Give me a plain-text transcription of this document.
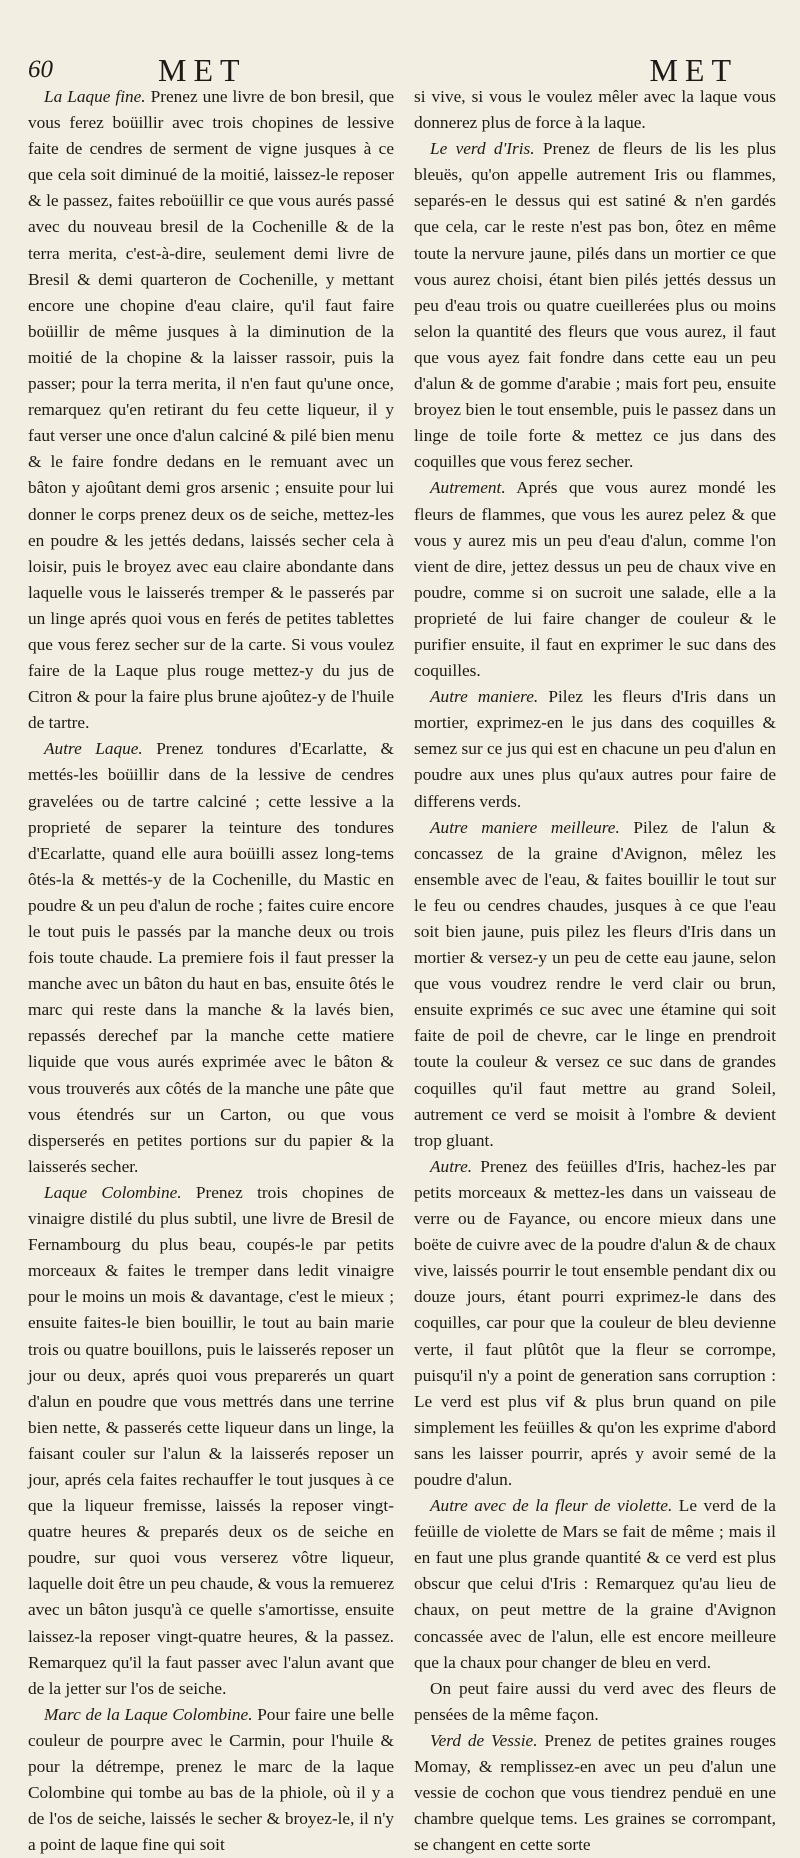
60	MET	MET

La Laque fine. Prenez une livre de bon bresil, que vous ferez boüillir avec trois chopines de lessive faite de cendres de serment de vigne jusques à ce que cela soit diminué de la moitié, laissez-le reposer & le passez, faites reboüillir ce que vous aurés passé avec du nouveau bresil de la Cochenille & de la terra merita, c'est-à-dire, seulement demi livre de Bresil & demi quarteron de Cochenille, y mettant encore une chopine d'eau claire, qu'il faut faire boüillir de même jusques à la diminution de la moitié de la chopine & la laisser rassoir, puis la passer; pour la terra merita, il n'en faut qu'une once, remarquez qu'en retirant du feu cette liqueur, il y faut verser une once d'alun calciné & pilé bien menu & le faire fondre dedans en le remuant avec un bâton y ajoûtant demi gros arsenic ; ensuite pour lui donner le corps prenez deux os de seiche, mettez-les en poudre & les jettés dedans, laissés secher cela à loisir, puis le broyez avec eau claire abondante dans laquelle vous le laisserés tremper & le passerés par un linge aprés quoi vous en ferés de petites tablettes que vous ferez secher sur de la carte. Si vous voulez faire de la Laque plus rouge mettez-y du jus de Citron & pour la faire plus brune ajoûtez-y de l'huile de tartre.

Autre Laque. Prenez tondures d'Ecarlatte, & mettés-les boüillir dans de la lessive de cendres gravelées ou de tartre calciné ; cette lessive a la proprieté de separer la teinture des tondures d'Ecarlatte, quand elle aura boüilli assez long-tems ôtés-la & mettés-y de la Cochenille, du Mastic en poudre & un peu d'alun de roche ; faites cuire encore le tout puis le passés par la manche deux ou trois fois toute chaude. La premiere fois il faut presser la manche avec un bâton du haut en bas, ensuite ôtés le marc qui reste dans la manche & la lavés bien, repassés derechef par la manche cette matiere liquide que vous aurés exprimée avec le bâton & vous trouverés aux côtés de la manche une pâte que vous étendrés sur un Carton, ou que vous disperserés en petites portions sur du papier & la laisserés secher.

Laque Colombine. Prenez trois chopines de vinaigre distilé du plus subtil, une livre de Bresil de Fernambourg du plus beau, coupés-le par petits morceaux & faites le tremper dans ledit vinaigre pour le moins un mois & davantage, c'est le mieux ; ensuite faites-le bien bouillir, le tout au bain marie trois ou quatre bouillons, puis le laisserés reposer un jour ou deux, aprés quoi vous preparerés un quart d'alun en poudre que vous mettrés dans une terrine bien nette, & passerés cette liqueur dans un linge, la faisant couler sur l'alun & la laisserés reposer un jour, aprés cela faites rechauffer le tout jusques à ce que la liqueur fremisse, laissés la reposer vingt-quatre heures & preparés deux os de seiche en poudre, sur quoi vous verserez vôtre liqueur, laquelle doit être un peu chaude, & vous la remuerez avec un bâton jusqu'à ce quelle s'amortisse, ensuite laissez-la reposer vingt-quatre heures, & la passez. Remarquez qu'il la faut passer avec l'alun avant que de la jetter sur l'os de seiche.

Marc de la Laque Colombine. Pour faire une belle couleur de pourpre avec le Carmin, pour l'huile & pour la détrempe, prenez le marc de la laque Colombine qui tombe au bas de la phiole, où il y a de l'os de seiche, laissés le secher & broyez-le, il n'y a point de laque fine qui soit

si vive, si vous le voulez mêler avec la laque vous donnerez plus de force à la laque.

Le verd d'Iris. Prenez de fleurs de lis les plus bleuës, qu'on appelle autrement Iris ou flammes, separés-en le dessus qui est satiné & n'en gardés que cela, car le reste n'est pas bon, ôtez en même toute la nervure jaune, pilés dans un mortier ce que vous aurez choisi, étant bien pilés jettés dessus un peu d'eau trois ou quatre cueillerées plus ou moins selon la quantité des fleurs que vous aurez, il faut que vous ayez fait fondre dans cette eau un peu d'alun & de gomme d'arabie ; mais fort peu, ensuite broyez bien le tout ensemble, puis le passez dans un linge de toile forte & mettez ce jus dans des coquilles que vous ferez secher.

Autrement. Aprés que vous aurez mondé les fleurs de flammes, que vous les aurez pelez & que vous y aurez mis un peu d'eau d'alun, comme l'on vient de dire, jettez dessus un peu de chaux vive en poudre, comme si on sucroit une salade, elle a la proprieté de lui faire changer de couleur & le purifier ensuite, il faut en exprimer le suc dans des coquilles.

Autre maniere. Pilez les fleurs d'Iris dans un mortier, exprimez-en le jus dans des coquilles & semez sur ce jus qui est en chacune un peu d'alun en poudre aux unes plus qu'aux autres pour faire de differens verds.

Autre maniere meilleure. Pilez de l'alun & concassez de la graine d'Avignon, mêlez les ensemble avec de l'eau, & faites bouillir le tout sur le feu ou cendres chaudes, jusques à ce que l'eau soit bien jaune, puis pilez les fleurs d'Iris dans un mortier & versez-y un peu de cette eau jaune, selon que vous voudrez rendre le verd clair ou brun, ensuite exprimés ce suc avec une étamine qui soit faite de poil de chevre, car le linge en prendroit toute la couleur & versez ce suc dans de grandes coquilles qu'il faut mettre au grand Soleil, autrement ce verd se moisit à l'ombre & devient trop gluant.

Autre. Prenez des feüilles d'Iris, hachez-les par petits morceaux & mettez-les dans un vaisseau de verre ou de Fayance, ou encore mieux dans une boëte de cuivre avec de la poudre d'alun & de chaux vive, laissés pourrir le tout ensemble pendant dix ou douze jours, étant pourri exprimez-le dans des coquilles, car pour que la couleur de bleu devienne verte, il faut plûtôt que la fleur se corrompe, puisqu'il n'y a point de generation sans corruption : Le verd est plus vif & plus brun quand on pile simplement les feüilles & qu'on les exprime d'abord sans les laisser pourrir, aprés y avoir semé de la poudre d'alun.

Autre avec de la fleur de violette. Le verd de la feüille de violette de Mars se fait de même ; mais il en faut une plus grande quantité & ce verd est plus obscur que celui d'Iris : Remarquez qu'au lieu de chaux, on peut mettre de la graine d'Avignon concassée avec de l'alun, elle est encore meilleure que la chaux pour changer de bleu en verd.

On peut faire aussi du verd avec des fleurs de pensées de la même façon.

Verd de Vessie. Prenez de petites graines rouges Momay, & remplissez-en avec un peu d'alun une vessie de cochon que vous tiendrez penduë en une chambre quelque tems. Les graines se corrompant, se changent en cette sorte
